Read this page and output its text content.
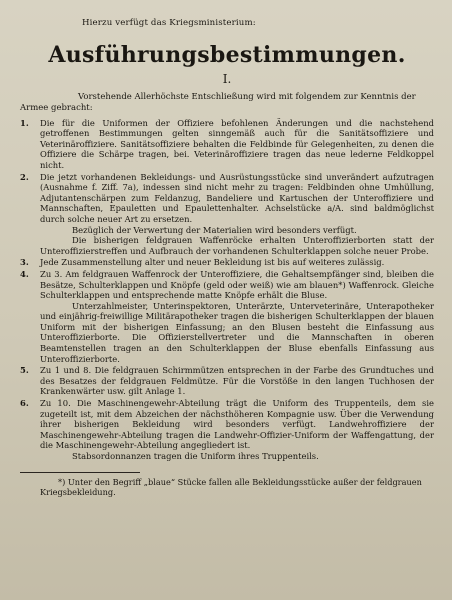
Hierzu verfügt das Kriegsministerium:

Ausführungsbestimmungen.
I.

Vorstehende Allerhöchste Entschließung wird mit folgendem zur Kenntnis der Armee gebracht:

1.	Die für die Uniformen der Offiziere befohlenen Änderungen und die nachstehend getroffenen Bestimmungen gelten sinngemäß auch für die Sanitätsoffiziere und Veterinäroffiziere. Sanitätsoffiziere behalten die Feldbinde für Gelegenheiten, zu denen die Offiziere die Schärpe tragen, bei. Veterinäroffiziere tragen das neue lederne Feldkoppel nicht.

2.	Die jetzt vorhandenen Bekleidungs- und Ausrüstungsstücke sind unverändert aufzutragen (Ausnahme f. Ziff. 7a), indessen sind nicht mehr zu tragen: Feldbinden ohne Umhüllung, Adjutantenschärpen zum Feldanzug, Bandeliere und Kartuschen der Unteroffiziere und Mannschaften, Epauletten und Epaulettenhalter. Achselstücke a/A. sind baldmöglichst durch solche neuer Art zu ersetzen.

Bezüglich der Verwertung der Materialien wird besonders verfügt.

Die bisherigen feldgrauen Waffenröcke erhalten Unteroffizierborten statt der Unteroffizierstreffen und Aufbrauch der vorhandenen Schulterklappen solche neuer Probe.

3.	Jede Zusammenstellung alter und neuer Bekleidung ist bis auf weiteres zulässig.

4.	Zu 3. Am feldgrauen Waffenrock der Unteroffiziere, die Gehaltsempfänger sind, bleiben die Besätze, Schulterklappen und Knöpfe (geld oder weiß) wie am blauen*) Waffenrock. Gleiche Schulterklappen und entsprechende matte Knöpfe erhält die Bluse.

Unterzahlmeister, Unterinspektoren, Unterärzte, Unterveterinäre, Unterapotheker und einjährig-freiwillige Militärapotheker tragen die bisherigen Schulterklappen der blauen Uniform mit der bisherigen Einfassung; an den Blusen besteht die Einfassung aus Unteroffizierborte. Die Offizierstellvertreter und die Mannschaften in oberen Beamtenstellen tragen an den Schulterklappen der Bluse ebenfalls Einfassung aus Unteroffizierborte.

5.	Zu 1 und 8. Die feldgrauen Schirmmützen entsprechen in der Farbe des Grundtuches und des Besatzes der feldgrauen Feldmütze. Für die Vorstöße in den langen Tuchhosen der Krankenwärter usw. gilt Anlage 1.

6.	Zu 10. Die Maschinengewehr-Abteilung trägt die Uniform des Truppenteils, dem sie zugeteilt ist, mit dem Abzeichen der nächsthöheren Kompagnie usw. Über die Verwendung ihrer bisherigen Bekleidung wird besonders verfügt. Landwehroffiziere der Maschinengewehr-Abteilung tragen die Landwehr-Offizier-Uniform der Waffengattung, der die Maschinengewehr-Abteilung angegliedert ist.

Stabsordonnanzen tragen die Uniform ihres Truppenteils.

*) Unter den Begriff „blaue“ Stücke fallen alle Bekleidungsstücke außer der feldgrauen Kriegsbekleidung.
